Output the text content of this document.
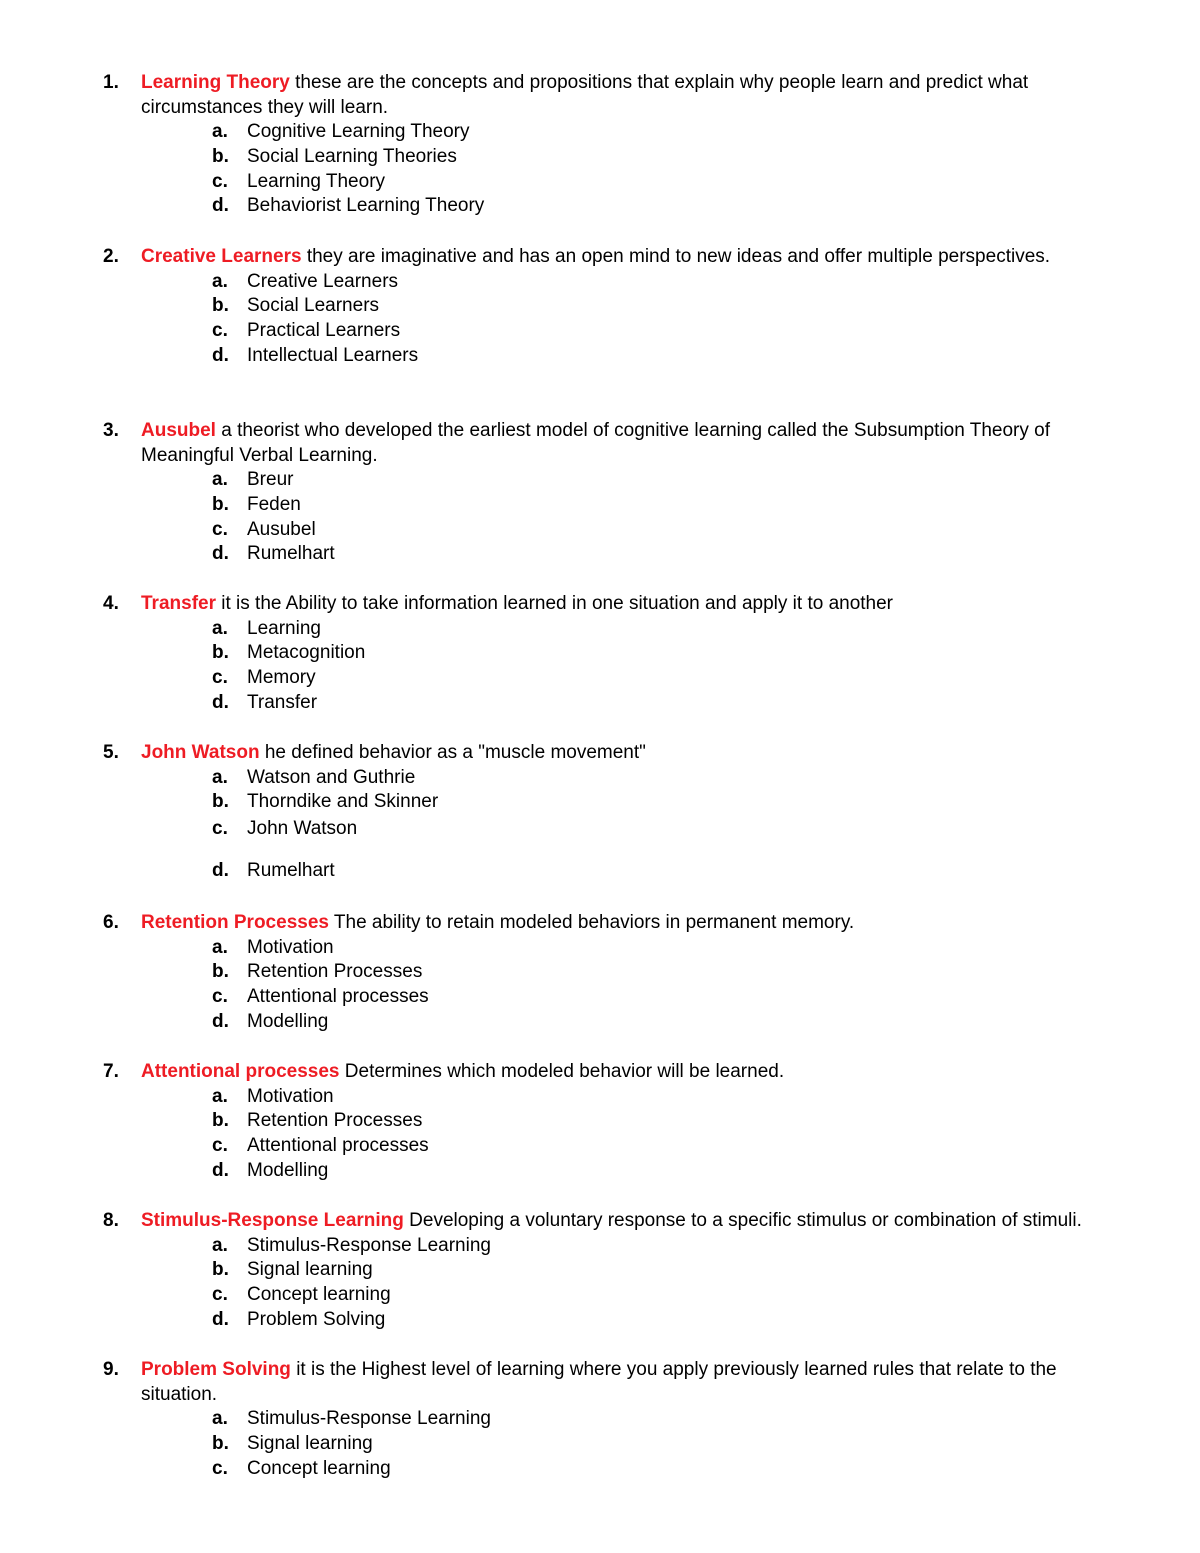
1. Learning Theory these are the concepts and propositions that explain why people learn and predict what circumstances they will learn.
a. Cognitive Learning Theory
b. Social Learning Theories
c. Learning Theory
d. Behaviorist Learning Theory
2. Creative Learners they are imaginative and has an open mind to new ideas and offer multiple perspectives.
a. Creative Learners
b. Social Learners
c. Practical Learners
d. Intellectual Learners
3. Ausubel a theorist who developed the earliest model of cognitive learning called the Subsumption Theory of Meaningful Verbal Learning.
a. Breur
b. Feden
c. Ausubel
d. Rumelhart
4. Transfer it is the Ability to take information learned in one situation and apply it to another
a. Learning
b. Metacognition
c. Memory
d. Transfer
5. John Watson he defined behavior as a "muscle movement"
a. Watson and Guthrie
b. Thorndike and Skinner
c. John Watson
d. Rumelhart
6. Retention Processes The ability to retain modeled behaviors in permanent memory.
a. Motivation
b. Retention Processes
c. Attentional processes
d. Modelling
7. Attentional processes Determines which modeled behavior will be learned.
a. Motivation
b. Retention Processes
c. Attentional processes
d. Modelling
8. Stimulus-Response Learning Developing a voluntary response to a specific stimulus or combination of stimuli.
a. Stimulus-Response Learning
b. Signal learning
c. Concept learning
d. Problem Solving
9. Problem Solving it is the Highest level of learning where you apply previously learned rules that relate to the situation.
a. Stimulus-Response Learning
b. Signal learning
c. Concept learning
